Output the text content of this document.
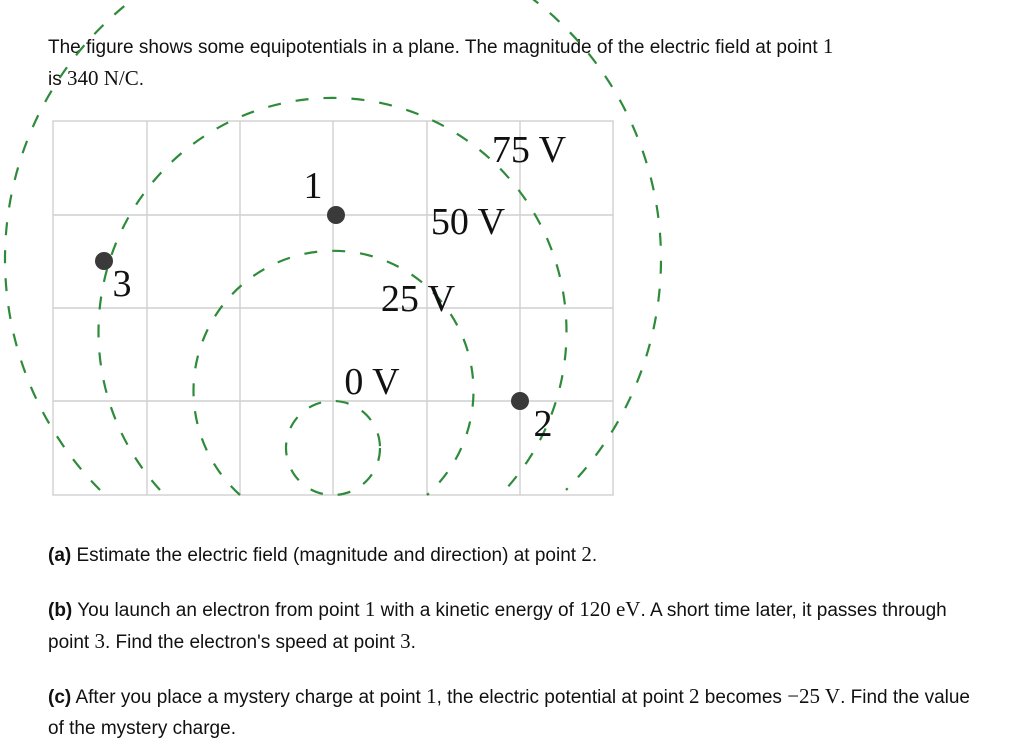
The figure shows some equipotentials in a plane. The magnitude of the electric field at point 1
is 340 N/C.

1
2
3
0 V
25 V
50 V
75 V

(a) Estimate the electric field (magnitude and direction) at point 2.

(b) You launch an electron from point 1 with a kinetic energy of 120 eV. A short time later, it passes through point 3. Find the electron's speed at point 3.

(c) After you place a mystery charge at point 1, the electric potential at point 2 becomes −25 V. Find the value of the mystery charge.
